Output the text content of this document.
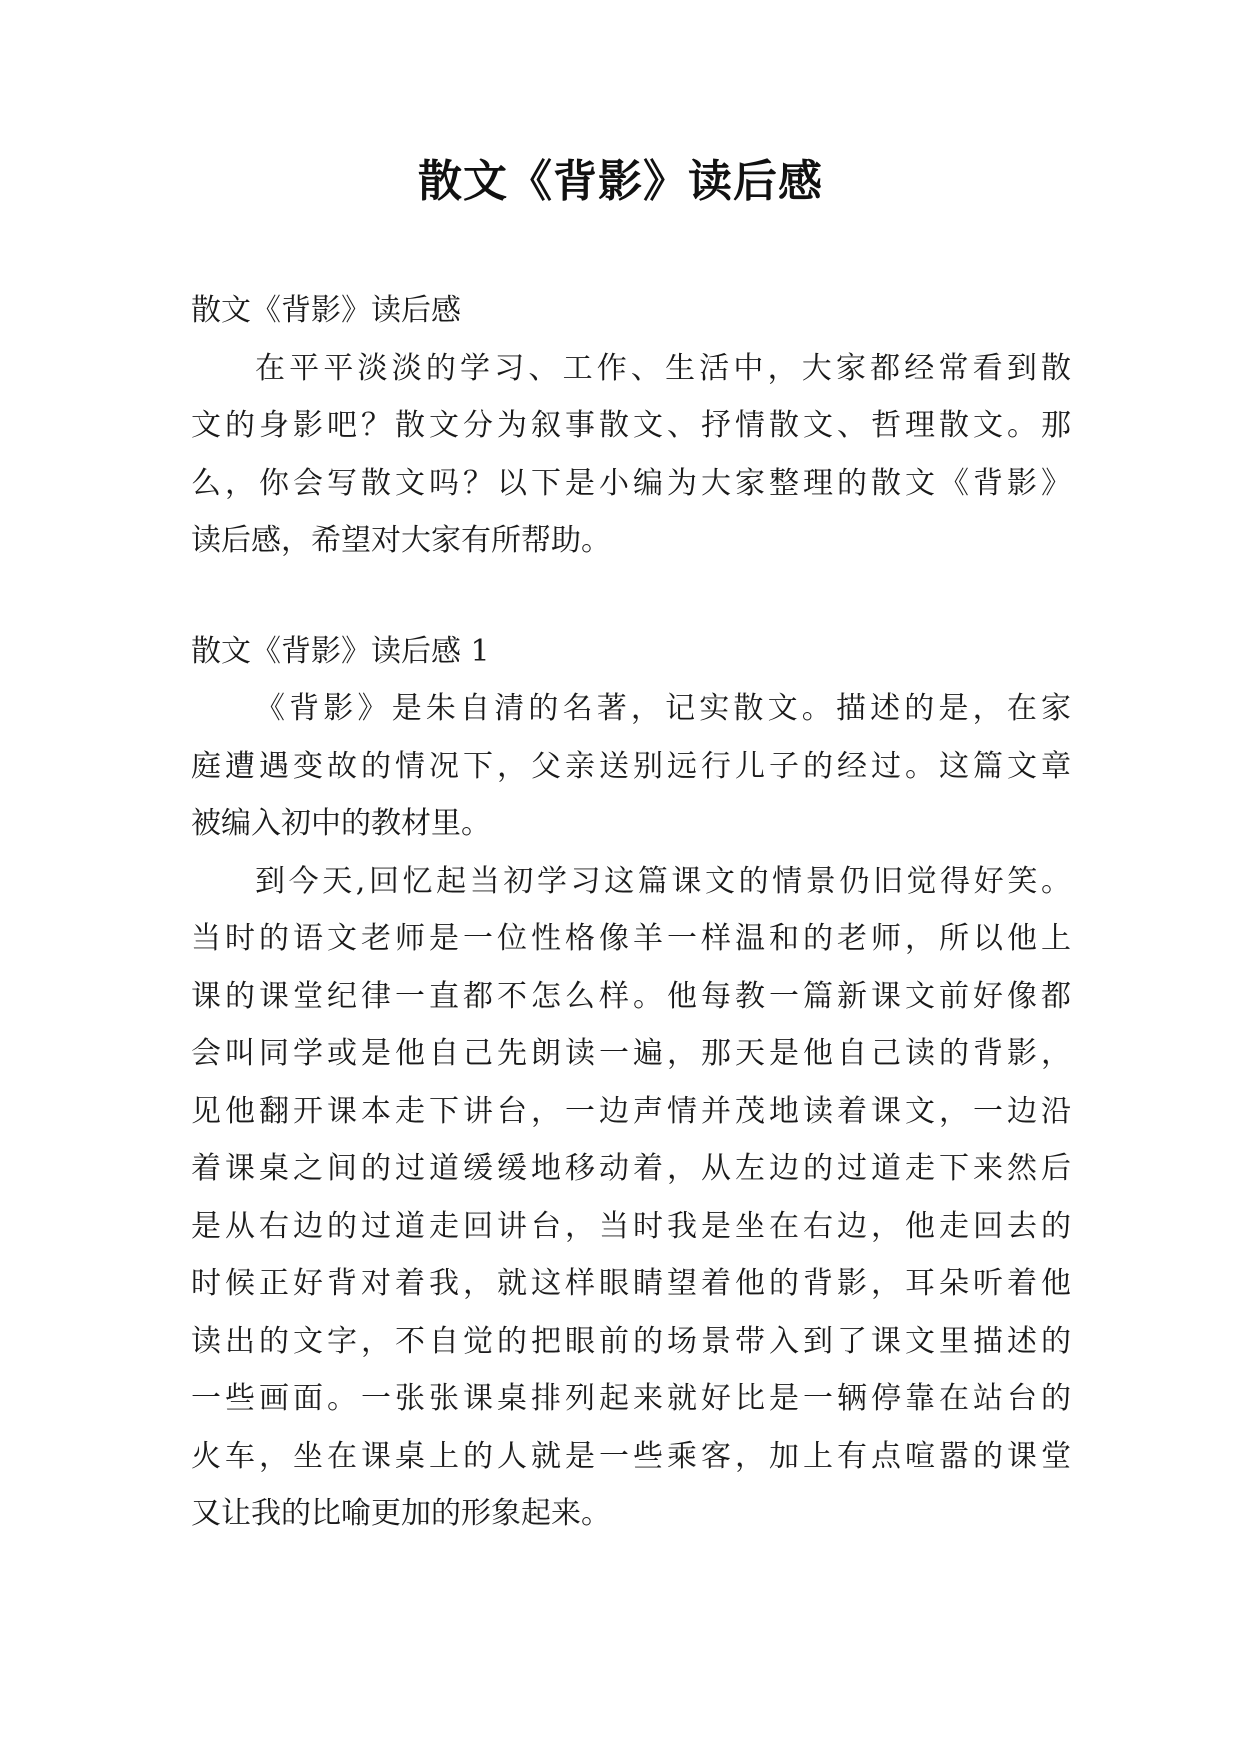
散文《背影》读后感
散文《背影》读后感
在平平淡淡的学习、工作、生活中，大家都经常看到散
文的身影吧？散文分为叙事散文、抒情散文、哲理散文。那
么，你会写散文吗？以下是小编为大家整理的散文《背影》
读后感，希望对大家有所帮助。
散文《背影》读后感 1
《背影》是朱自清的名著，记实散文。描述的是，在家
庭遭遇变故的情况下，父亲送别远行儿子的经过。这篇文章
被编入初中的教材里。
到今天,回忆起当初学习这篇课文的情景仍旧觉得好笑。
当时的语文老师是一位性格像羊一样温和的老师，所以他上
课的课堂纪律一直都不怎么样。他每教一篇新课文前好像都
会叫同学或是他自己先朗读一遍，那天是他自己读的背影，
见他翻开课本走下讲台，一边声情并茂地读着课文，一边沿
着课桌之间的过道缓缓地移动着，从左边的过道走下来然后
是从右边的过道走回讲台，当时我是坐在右边，他走回去的
时候正好背对着我，就这样眼睛望着他的背影，耳朵听着他
读出的文字，不自觉的把眼前的场景带入到了课文里描述的
一些画面。一张张课桌排列起来就好比是一辆停靠在站台的
火车，坐在课桌上的人就是一些乘客，加上有点喧嚣的课堂
又让我的比喻更加的形象起来。
